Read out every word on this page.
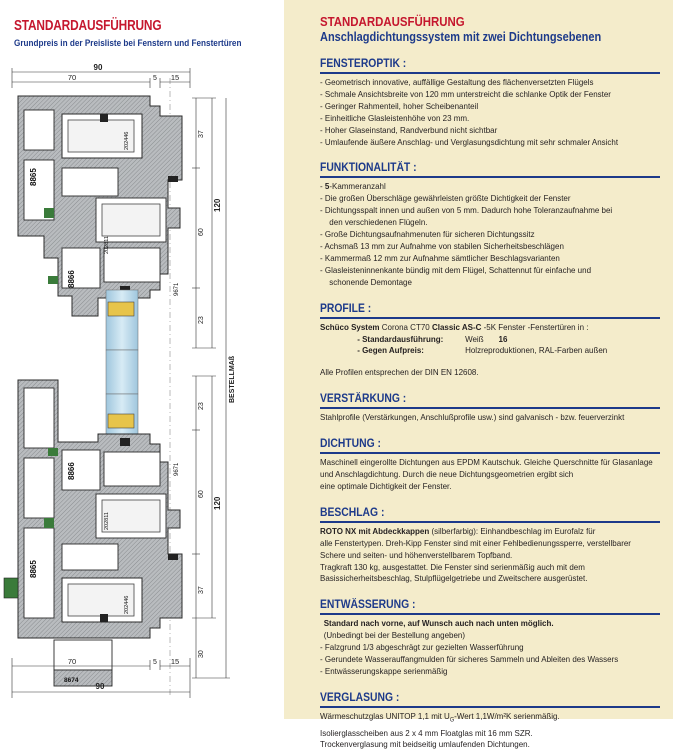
STANDARDAUSFÜHRUNG
Grundpreis in der Preisliste bei Fenstern und Fenstertüren
90
70	5 15
8865
8866
202446
202811
9671
37
60
120
23
BESTELLMAß
23
60
120
37
30
8866	9671
202811
8865
202446
8674
70	5 15
90
STANDARDAUSFÜHRUNG
Anschlagdichtungssystem mit zwei Dichtungsebenen
FENSTEROPTIK :
- Geometrisch innovative, auffällige Gestaltung des flächenversetzten Flügels
- Schmale Ansichtsbreite von 120 mm unterstreicht die schlanke Optik der Fenster
- Geringer Rahmenteil, hoher Scheibenanteil
- Einheitliche Glasleistenhöhe von 23 mm.
- Hoher Glaseinstand, Randverbund nicht sichtbar
- Umlaufende äußere Anschlag- und Verglasungsdichtung mit sehr schmaler Ansicht
FUNKTIONALITÄT :
- 5-Kammeranzahl
- Die großen Überschläge gewährleisten größte Dichtigkeit der Fenster
- Dichtungsspalt innen und außen von 5 mm. Dadurch hohe Toleranzaufnahme bei
den verschiedenen Flügeln.
- Große Dichtungsaufnahmenuten für sicheren Dichtungssitz
- Achsmaß 13 mm zur Aufnahme von stabilen Sicherheitsbeschlägen
- Kammermaß 12 mm zur Aufnahme sämtlicher Beschlagsvarianten
- Glasleisteninnenkante bündig mit dem Flügel, Schattennut für einfache und
schonende Demontage
PROFILE :
Schüco System Corona CT70 Classic AS-C -5K Fenster -Fenstertüren in :
- Standardausführung:	Weiß 16
- Gegen Aufpreis:	Holzreproduktionen, RAL-Farben außen
Alle Profilen entsprechen der DIN EN 12608.
VERSTÄRKUNG :
Stahlprofile (Verstärkungen, Anschlußprofile usw.) sind galvanisch - bzw. feuerverzinkt
DICHTUNG :
Maschinell eingerollte Dichtungen aus EPDM Kautschuk. Gleiche Querschnitte für Glasanlage
und Anschlagdichtung. Durch die neue Dichtungsgeometrien ergibt sich
eine optimale Dichtigkeit der Fenster.
BESCHLAG :
ROTO NX mit Abdeckkappen (silberfarbig): Einhandbeschlag im Eurofalz für
alle Fenstertypen. Dreh-Kipp Fenster sind mit einer Fehlbedienungssperre, verstellbarer
Schere und seiten- und höhenverstellbarem Topfband.
Tragkraft 130 kg, ausgestattet. Die Fenster sind serienmäßig auch mit dem
Basissicherheitsbeschlag, Stulpflügelgetriebe und Zweitschere ausgerüstet.
ENTWÄSSERUNG :
Standard nach vorne, auf Wunsch auch nach unten möglich.
(Unbedingt bei der Bestellung angeben)
- Falzgrund 1/3 abgeschrägt zur gezielten Wasserführung
- Gerundete Wasserauffangmulden für sicheres Sammeln und Ableiten des Wassers
- Entwässerungskappe serienmäßig
VERGLASUNG :
Wärmeschutzglas UNITOP 1,1 mit $U_G$-Wert 1,1W/m²K serienmäßig.
Isolierglasscheiben aus 2 x 4 mm Floatglas mit 16 mm SZR.
Trockenverglasung mit beidseitig umlaufenden Dichtungen.
